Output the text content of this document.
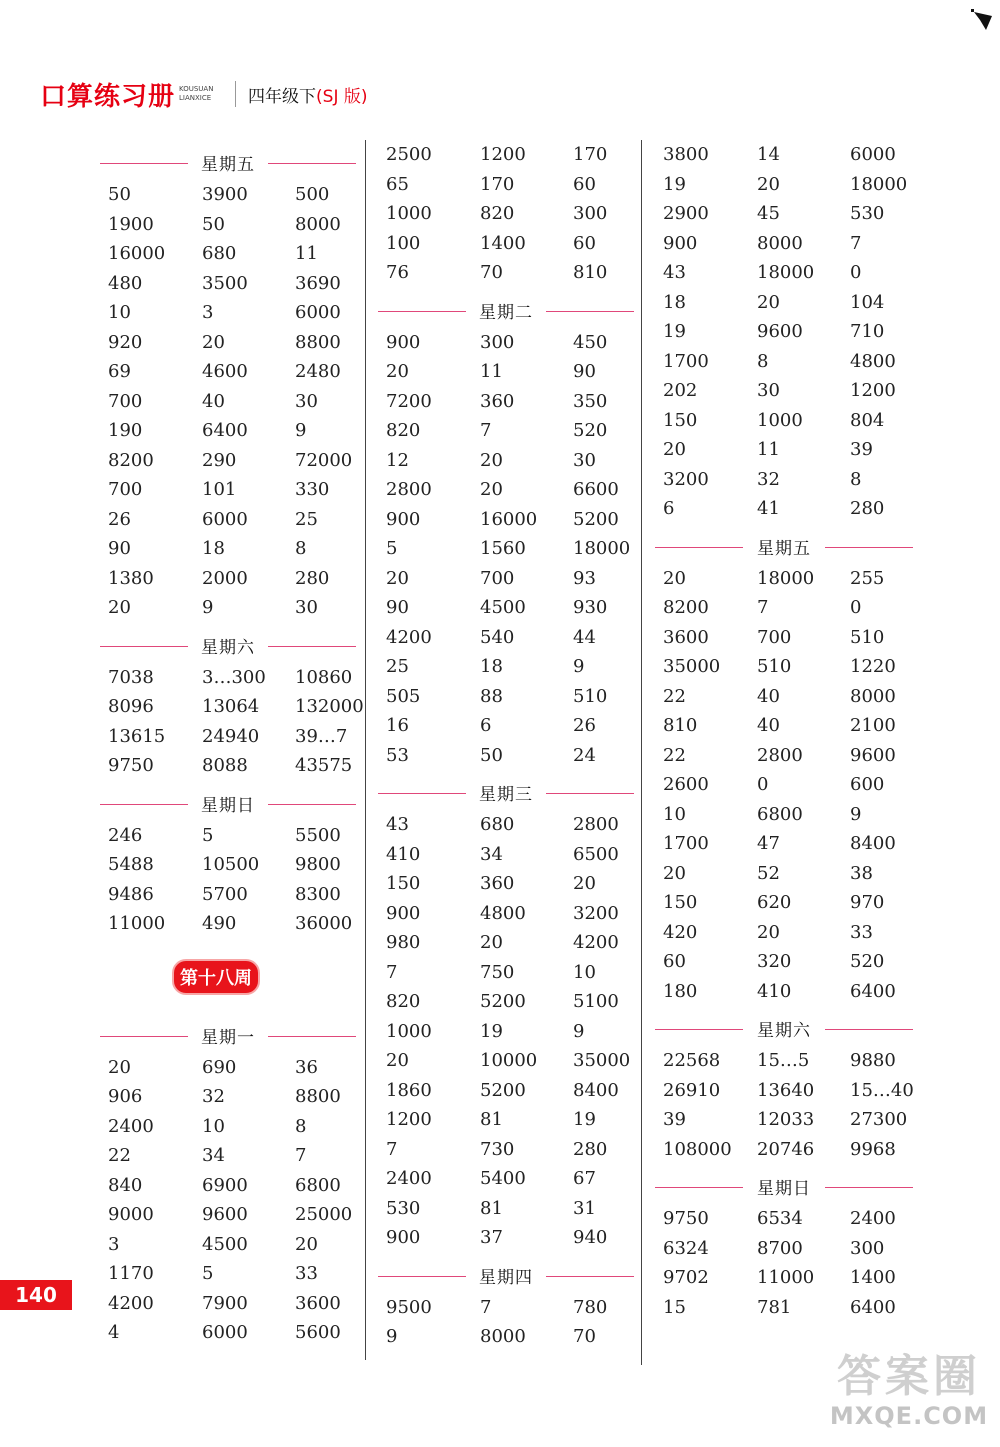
口算练习册 KOUSUAN
LIANXICE	四年级下 (SJ 版)
星期五
50	3900	500
1900	50	8000
16000	680	11
480	3500	3690
10	3	6000
920	20	8800
69	4600	2480
700	40	30
190	6400	9
8200	290	72000
700	101	330
26	6000	25
90	18	8
1380	2000	280
20	9	30
星期六
7038	3…300	10860
8096	13064	132000
13615	24940	39…7
9750	8088	43575
星期日
246	5	5500
5488	10500	9800
9486	5700	8300
11000	490	36000
第十八周
星期一
20	690	36
906	32	8800
2400	10	8
22	34	7
840	6900	6800
9000	9600	25000
3	4500	20
1170	5	33
4200	7900	3600
4	6000	5600
2500	1200	170
65	170	60
1000	820	300
100	1400	60
76	70	810
星期二
900	300	450
20	11	90
7200	360	350
820	7	520
12	20	30
2800	20	6600
900	16000	5200
5	1560	18000
20	700	93
90	4500	930
4200	540	44
25	18	9
505	88	510
16	6	26
53	50	24
星期三
43	680	2800
410	34	6500
150	360	20
900	4800	3200
980	20	4200
7	750	10
820	5200	5100
1000	19	9
20	10000	35000
1860	5200	8400
1200	81	19
7	730	280
2400	5400	67
530	81	31
900	37	940
星期四
9500	7	780
9	8000	70
3800	14	6000
19	20	18000
2900	45	530
900	8000	7
43	18000	0
18	20	104
19	9600	710
1700	8	4800
202	30	1200
150	1000	804
20	11	39
3200	32	8
6	41	280
星期五
20	18000	255
8200	7	0
3600	700	510
35000	510	1220
22	40	8000
810	40	2100
22	2800	9600
2600	0	600
10	6800	9
1700	47	8400
20	52	38
150	620	970
420	20	33
60	320	520
180	410	6400
星期六
22568	15…5	9880
26910	13640	15…40
39	12033	27300
108000	20746	9968
星期日
9750	6534	2400
6324	8700	300
9702	11000	1400
15	781	6400
140
答案圈
MXQE.COM
